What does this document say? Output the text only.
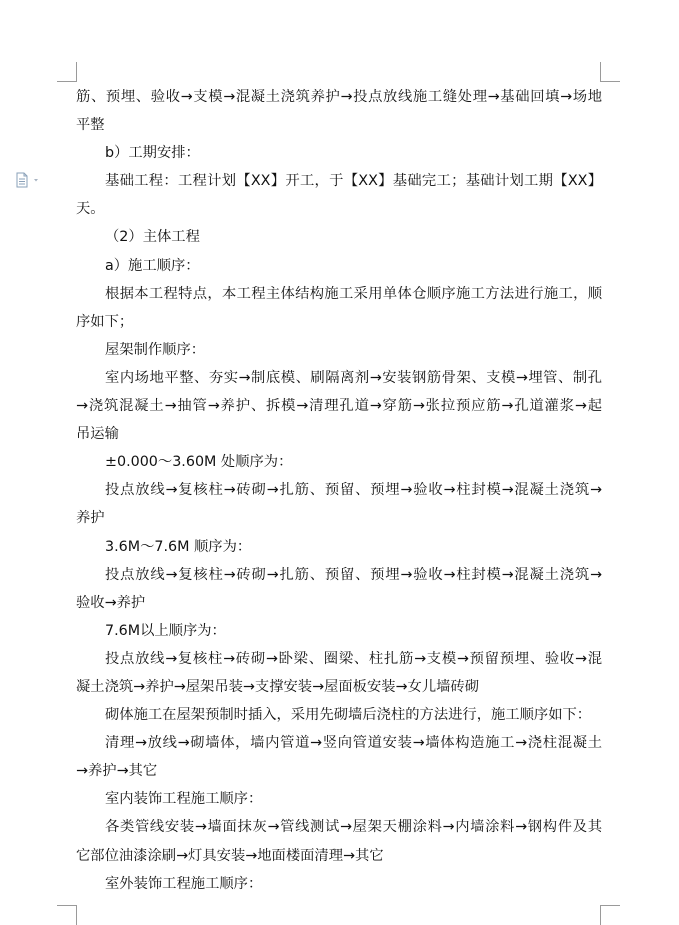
筋、预埋、验收→支模→混凝土浇筑养护→投点放线施工缝处理→基础回填→场地
平整
b）工期安排：
基础工程：工程计划【XX】开工，于【XX】基础完工；基础计划工期【XX】
天。
（2）主体工程
a）施工顺序：
根据本工程特点，本工程主体结构施工采用单体仓顺序施工方法进行施工，顺
序如下；
屋架制作顺序：
室内场地平整、夯实→制底模、刷隔离剂→安装钢筋骨架、支模→埋管、制孔
→浇筑混凝土→抽管→养护、拆模→清理孔道→穿筋→张拉预应筋→孔道灌浆→起
吊运输
±0.000～3.60M 处顺序为：
投点放线→复核柱→砖砌→扎筋、预留、预埋→验收→柱封模→混凝土浇筑→
养护
3.6M～7.6M 顺序为：
投点放线→复核柱→砖砌→扎筋、预留、预埋→验收→柱封模→混凝土浇筑→
验收→养护
7.6M以上顺序为：
投点放线→复核柱→砖砌→卧梁、圈梁、柱扎筋→支模→预留预埋、验收→混
凝土浇筑→养护→屋架吊装→支撑安装→屋面板安装→女儿墙砖砌
砌体施工在屋架预制时插入，采用先砌墙后浇柱的方法进行，施工顺序如下：
清理→放线→砌墙体，墙内管道→竖向管道安装→墙体构造施工→浇柱混凝土
→养护→其它
室内装饰工程施工顺序：
各类管线安装→墙面抹灰→管线测试→屋架天棚涂料→内墙涂料→钢构件及其
它部位油漆涂刷→灯具安装→地面楼面清理→其它
室外装饰工程施工顺序：
